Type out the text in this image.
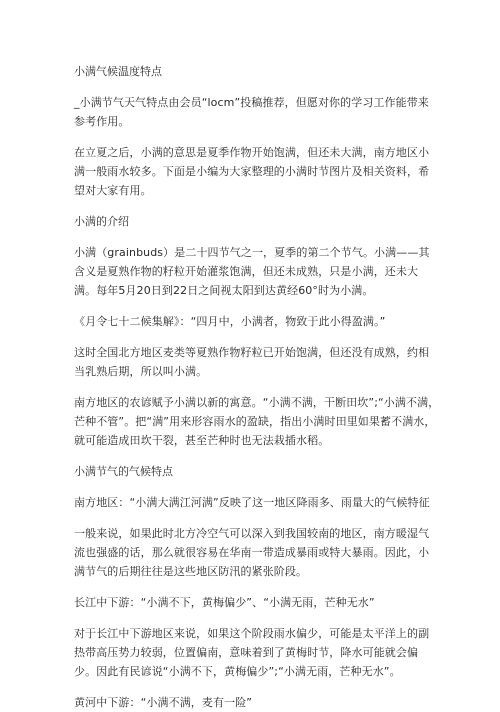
小满气候温度特点

_小满节气天气特点由会员“locm”投稿推荐，但愿对你的学习工作能带来参考作用。

在立夏之后，小满的意思是夏季作物开始饱满，但还未大满，南方地区小满一般雨水较多。下面是小编为大家整理的小满时节图片及相关资料，希望对大家有用。

小满的介绍

小满（grainbuds）是二十四节气之一，夏季的第二个节气。小满——其含义是夏熟作物的籽粒开始灌浆饱满，但还未成熟，只是小满，还未大满。每年5月20日到22日之间视太阳到达黄经60°时为小满。

《月令七十二候集解》：“四月中，小满者，物致于此小得盈满。”

这时全国北方地区麦类等夏熟作物籽粒已开始饱满，但还没有成熟，约相当乳熟后期，所以叫小满。

南方地区的农谚赋予小满以新的寓意。“小满不满，干断田坎”;“小满不满，芒种不管”。把“满”用来形容雨水的盈缺，指出小满时田里如果蓄不满水，就可能造成田坎干裂，甚至芒种时也无法栽插水稻。

小满节气的气候特点

南方地区：“小满大满江河满”反映了这一地区降雨多、雨量大的气候特征

一般来说，如果此时北方冷空气可以深入到我国较南的地区，南方暖湿气流也强盛的话，那么就很容易在华南一带造成暴雨或特大暴雨。因此，小满节气的后期往往是这些地区防汛的紧张阶段。

长江中下游：“小满不下，黄梅偏少”、“小满无雨，芒种无水”

对于长江中下游地区来说，如果这个阶段雨水偏少，可能是太平洋上的副热带高压势力较弱，位置偏南，意味着到了黄梅时节，降水可能就会偏少。因此有民谚说“小满不下，黄梅偏少”;“小满无雨，芒种无水”。

黄河中下游：“小满不满，麦有一险”
